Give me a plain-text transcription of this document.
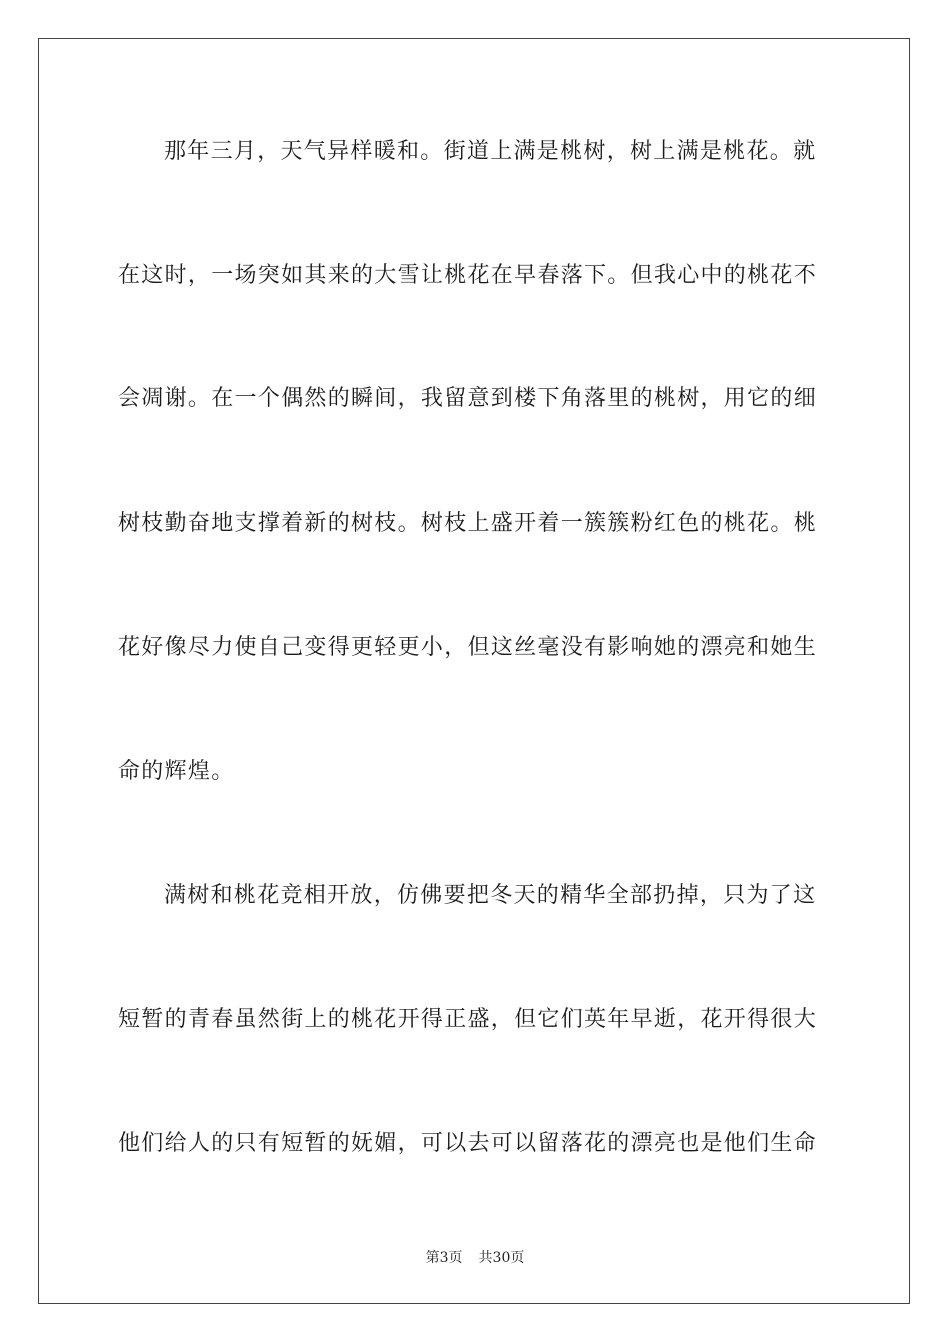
那年三月，天气异样暖和。街道上满是桃树，树上满是桃花。就
在这时，一场突如其来的大雪让桃花在早春落下。但我心中的桃花不
会凋谢。在一个偶然的瞬间，我留意到楼下角落里的桃树，用它的细
树枝勤奋地支撑着新的树枝。树枝上盛开着一簇簇粉红色的桃花。桃
花好像尽力使自己变得更轻更小，但这丝毫没有影响她的漂亮和她生
命的辉煌。
满树和桃花竞相开放，仿佛要把冬天的精华全部扔掉，只为了这
短暂的青春虽然街上的桃花开得正盛，但它们英年早逝，花开得很大
他们给人的只有短暂的妩媚，可以去可以留落花的漂亮也是他们生命
第3页 共30页
